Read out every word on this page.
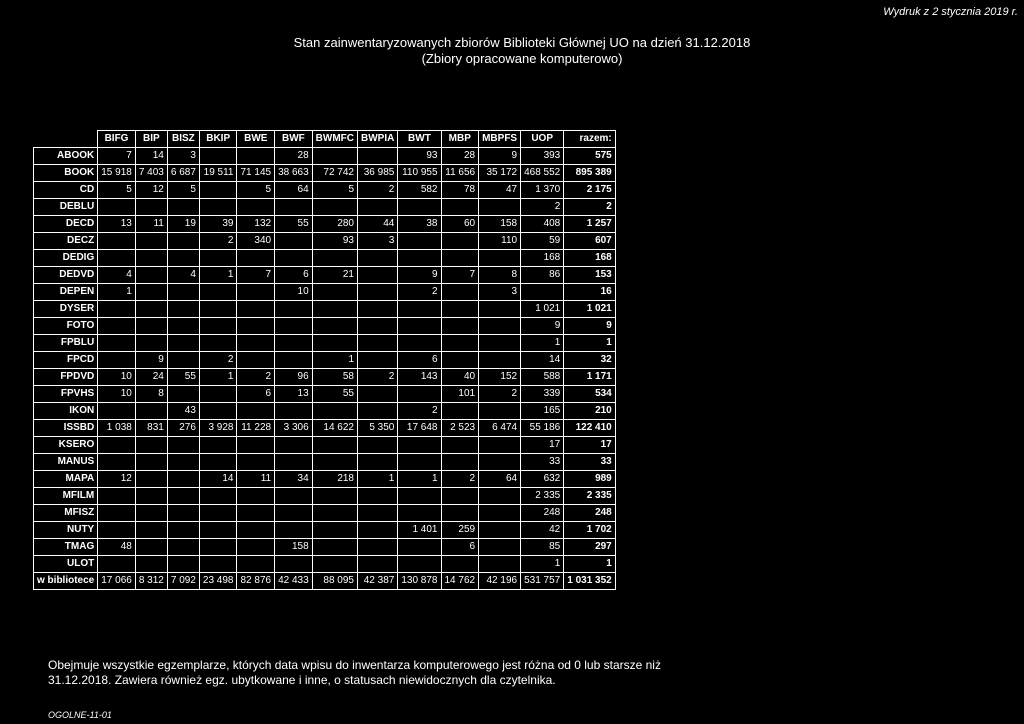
Wydruk z 2 stycznia 2019 r.
Stan zainwentaryzowanych zbiorów Biblioteki Głównej UO na dzień 31.12.2018
(Zbiory opracowane komputerowo)
	BIFG	BIP	BISZ	BKIP	BWE	BWF	BWMFC	BWPIA	BWT	MBP	MBPFS	UOP	razem:
ABOOK	7	14	3			28			93	28	9	393	575
BOOK	15 918	7 403	6 687	19 511	71 145	38 663	72 742	36 985	110 955	11 656	35 172	468 552	895 389
CD	5	12	5		5	64	5	2	582	78	47	1 370	2 175
DEBLU												2	2
DECD	13	11	19	39	132	55	280	44	38	60	158	408	1 257
DECZ				2	340		93	3			110	59	607
DEDIG												168	168
DEDVD	4		4	1	7	6	21		9	7	8	86	153
DEPEN	1					10			2		3		16
DYSER												1 021	1 021
FOTO												9	9
FPBLU												1	1
FPCD		9		2			1		6			14	32
FPDVD	10	24	55	1	2	96	58	2	143	40	152	588	1 171
FPVHS	10	8			6	13	55			101	2	339	534
IKON			43						2			165	210
ISSBD	1 038	831	276	3 928	11 228	3 306	14 622	5 350	17 648	2 523	6 474	55 186	122 410
KSERO												17	17
MANUS												33	33
MAPA	12			14	11	34	218	1	1	2	64	632	989
MFILM												2 335	2 335
MFISZ												248	248
NUTY									1 401	259		42	1 702
TMAG	48					158				6		85	297
ULOT												1	1
w bibliotece	17 066	8 312	7 092	23 498	82 876	42 433	88 095	42 387	130 878	14 762	42 196	531 757	1 031 352
Obejmuje wszystkie egzemplarze, których data wpisu do inwentarza komputerowego jest różna od 0 lub starsze niż 31.12.2018. Zawiera również egz. ubytkowane i inne, o statusach niewidocznych dla czytelnika.
OGOLNE-11-01
